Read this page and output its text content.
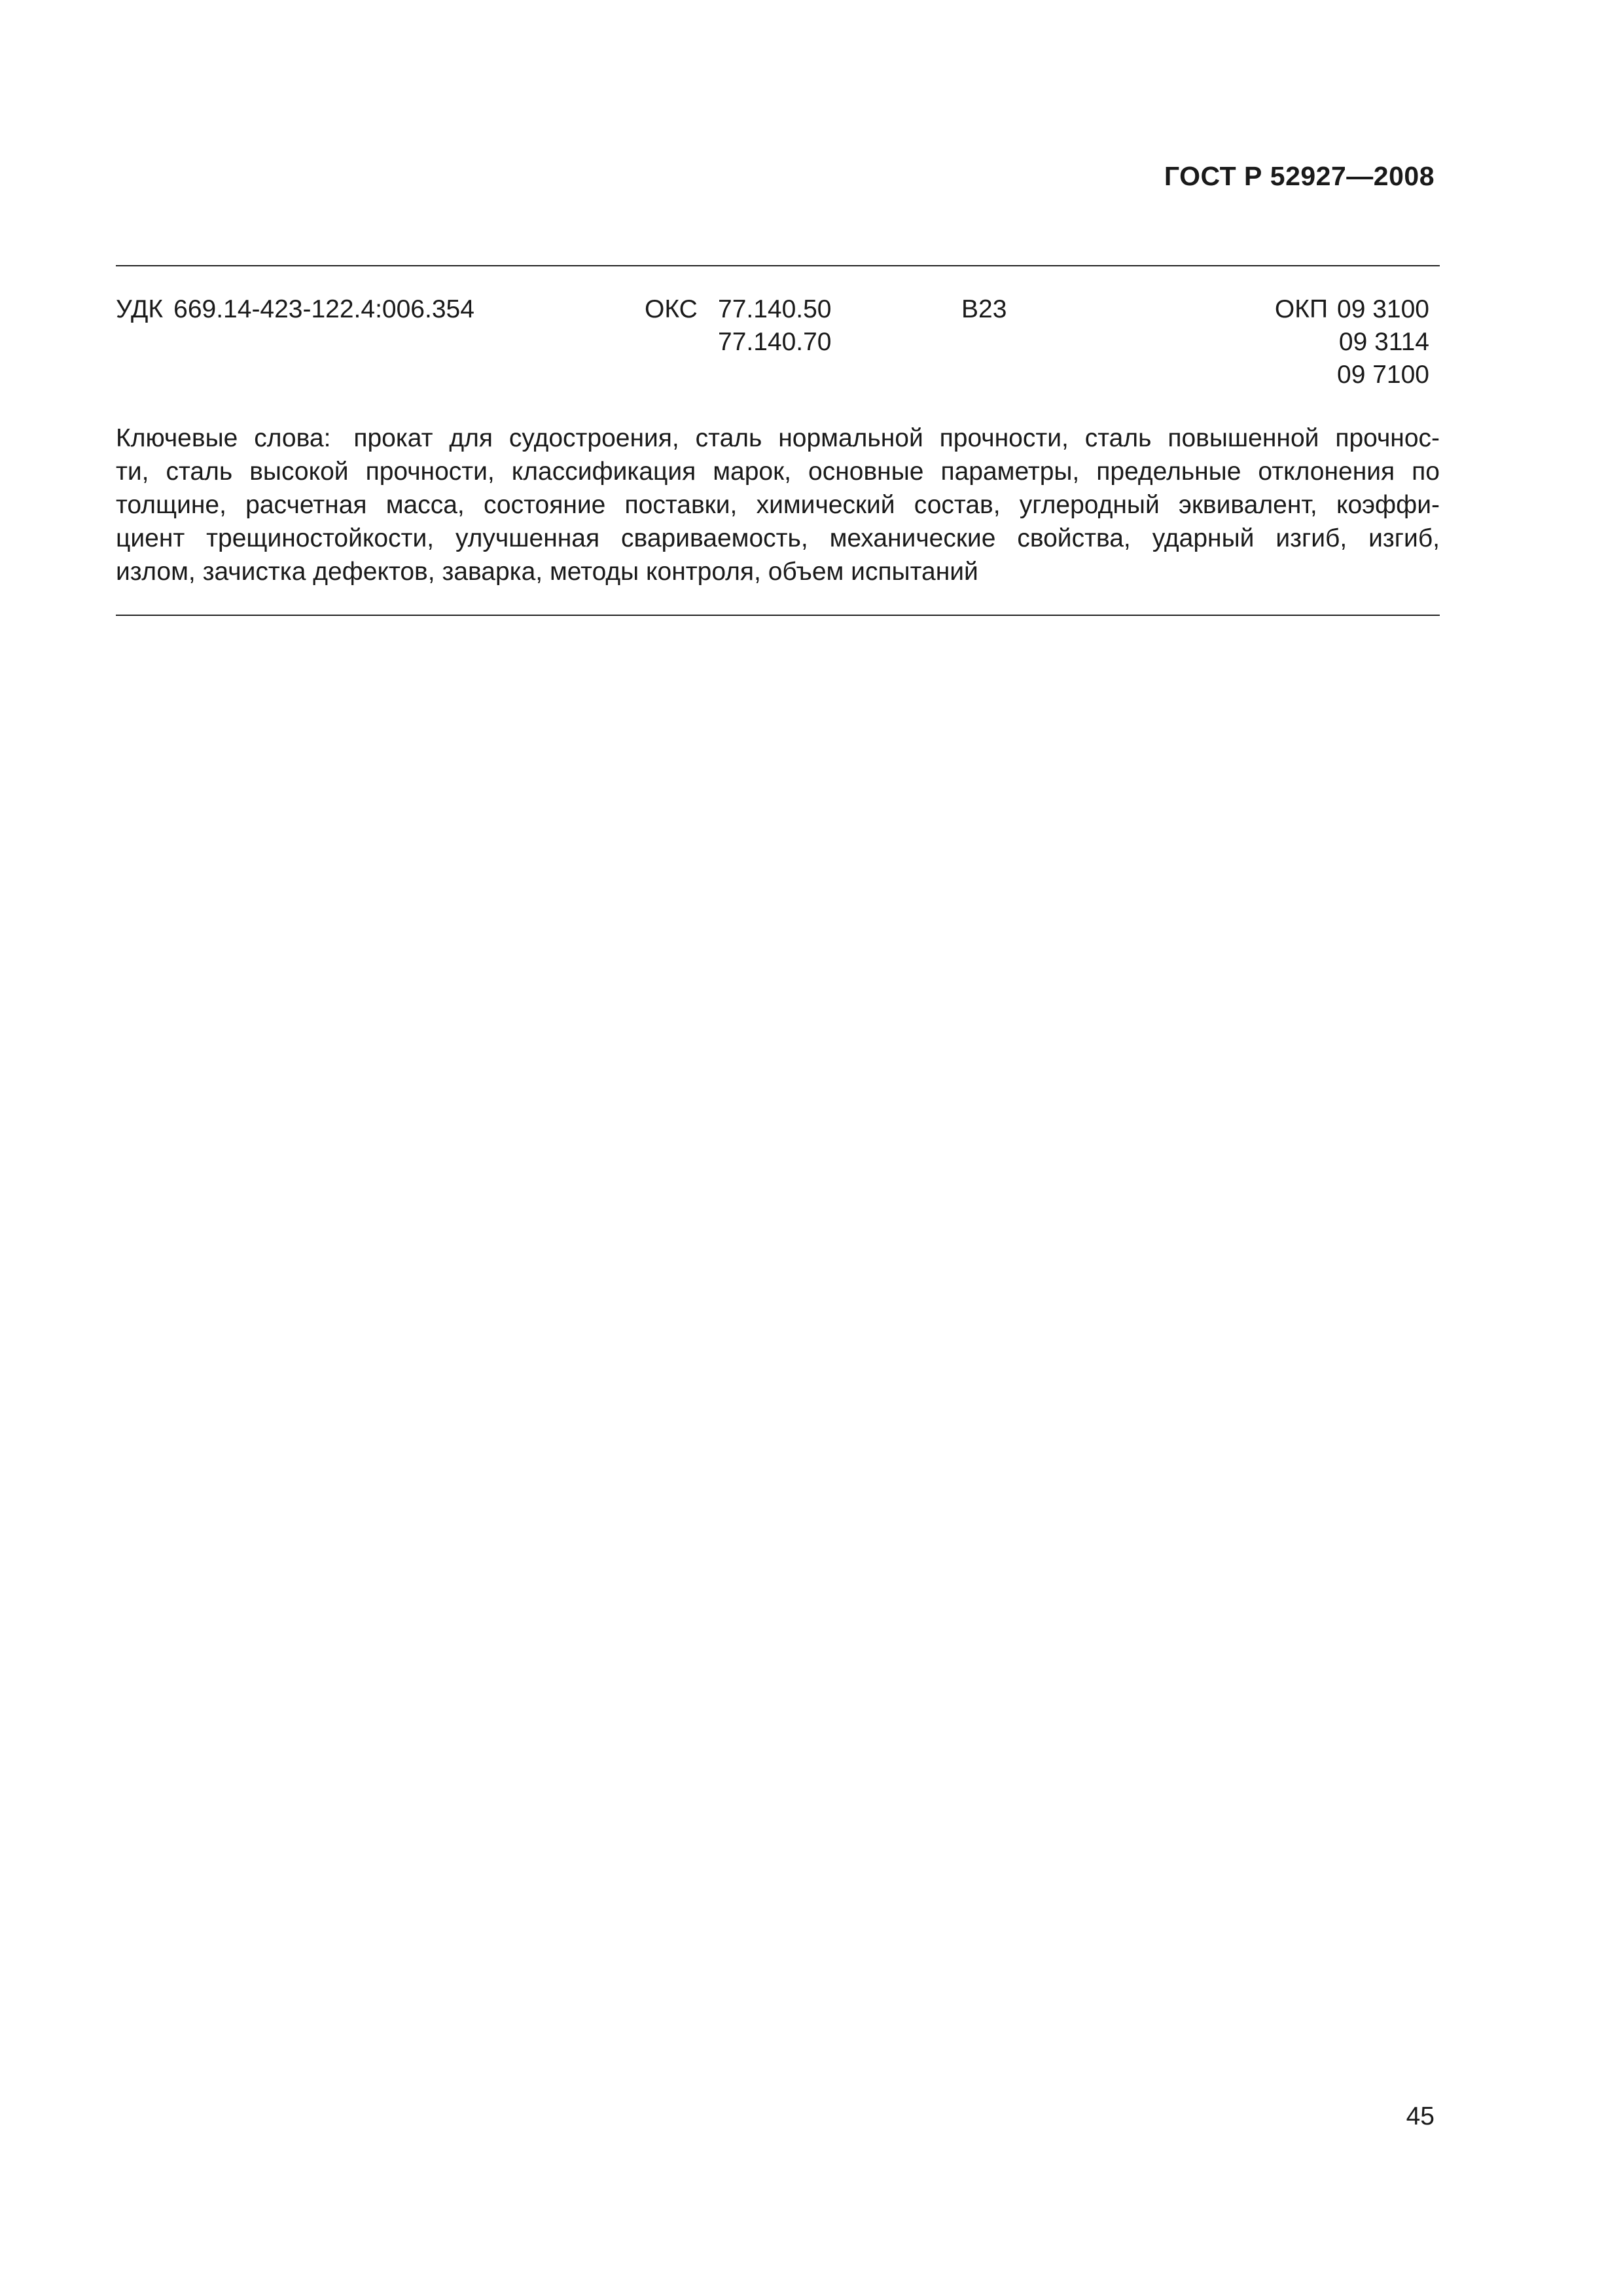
ГОСТ Р 52927—2008
УДК 669.14-423-122.4:006.354	ОКС 77.140.50
77.140.70
В23	ОКП 09 3100
09 3114
09 7100
Ключевые слова: прокат для судостроения, сталь нормальной прочности, сталь повышенной прочнос-
ти, сталь высокой прочности, классификация марок, основные параметры, предельные отклонения по
толщине, расчетная масса, состояние поставки, химический состав, углеродный эквивалент, коэффи-
циент трещиностойкости, улучшенная свариваемость, механические свойства, ударный изгиб, изгиб,
излом, зачистка дефектов, заварка, методы контроля, объем испытаний
45
